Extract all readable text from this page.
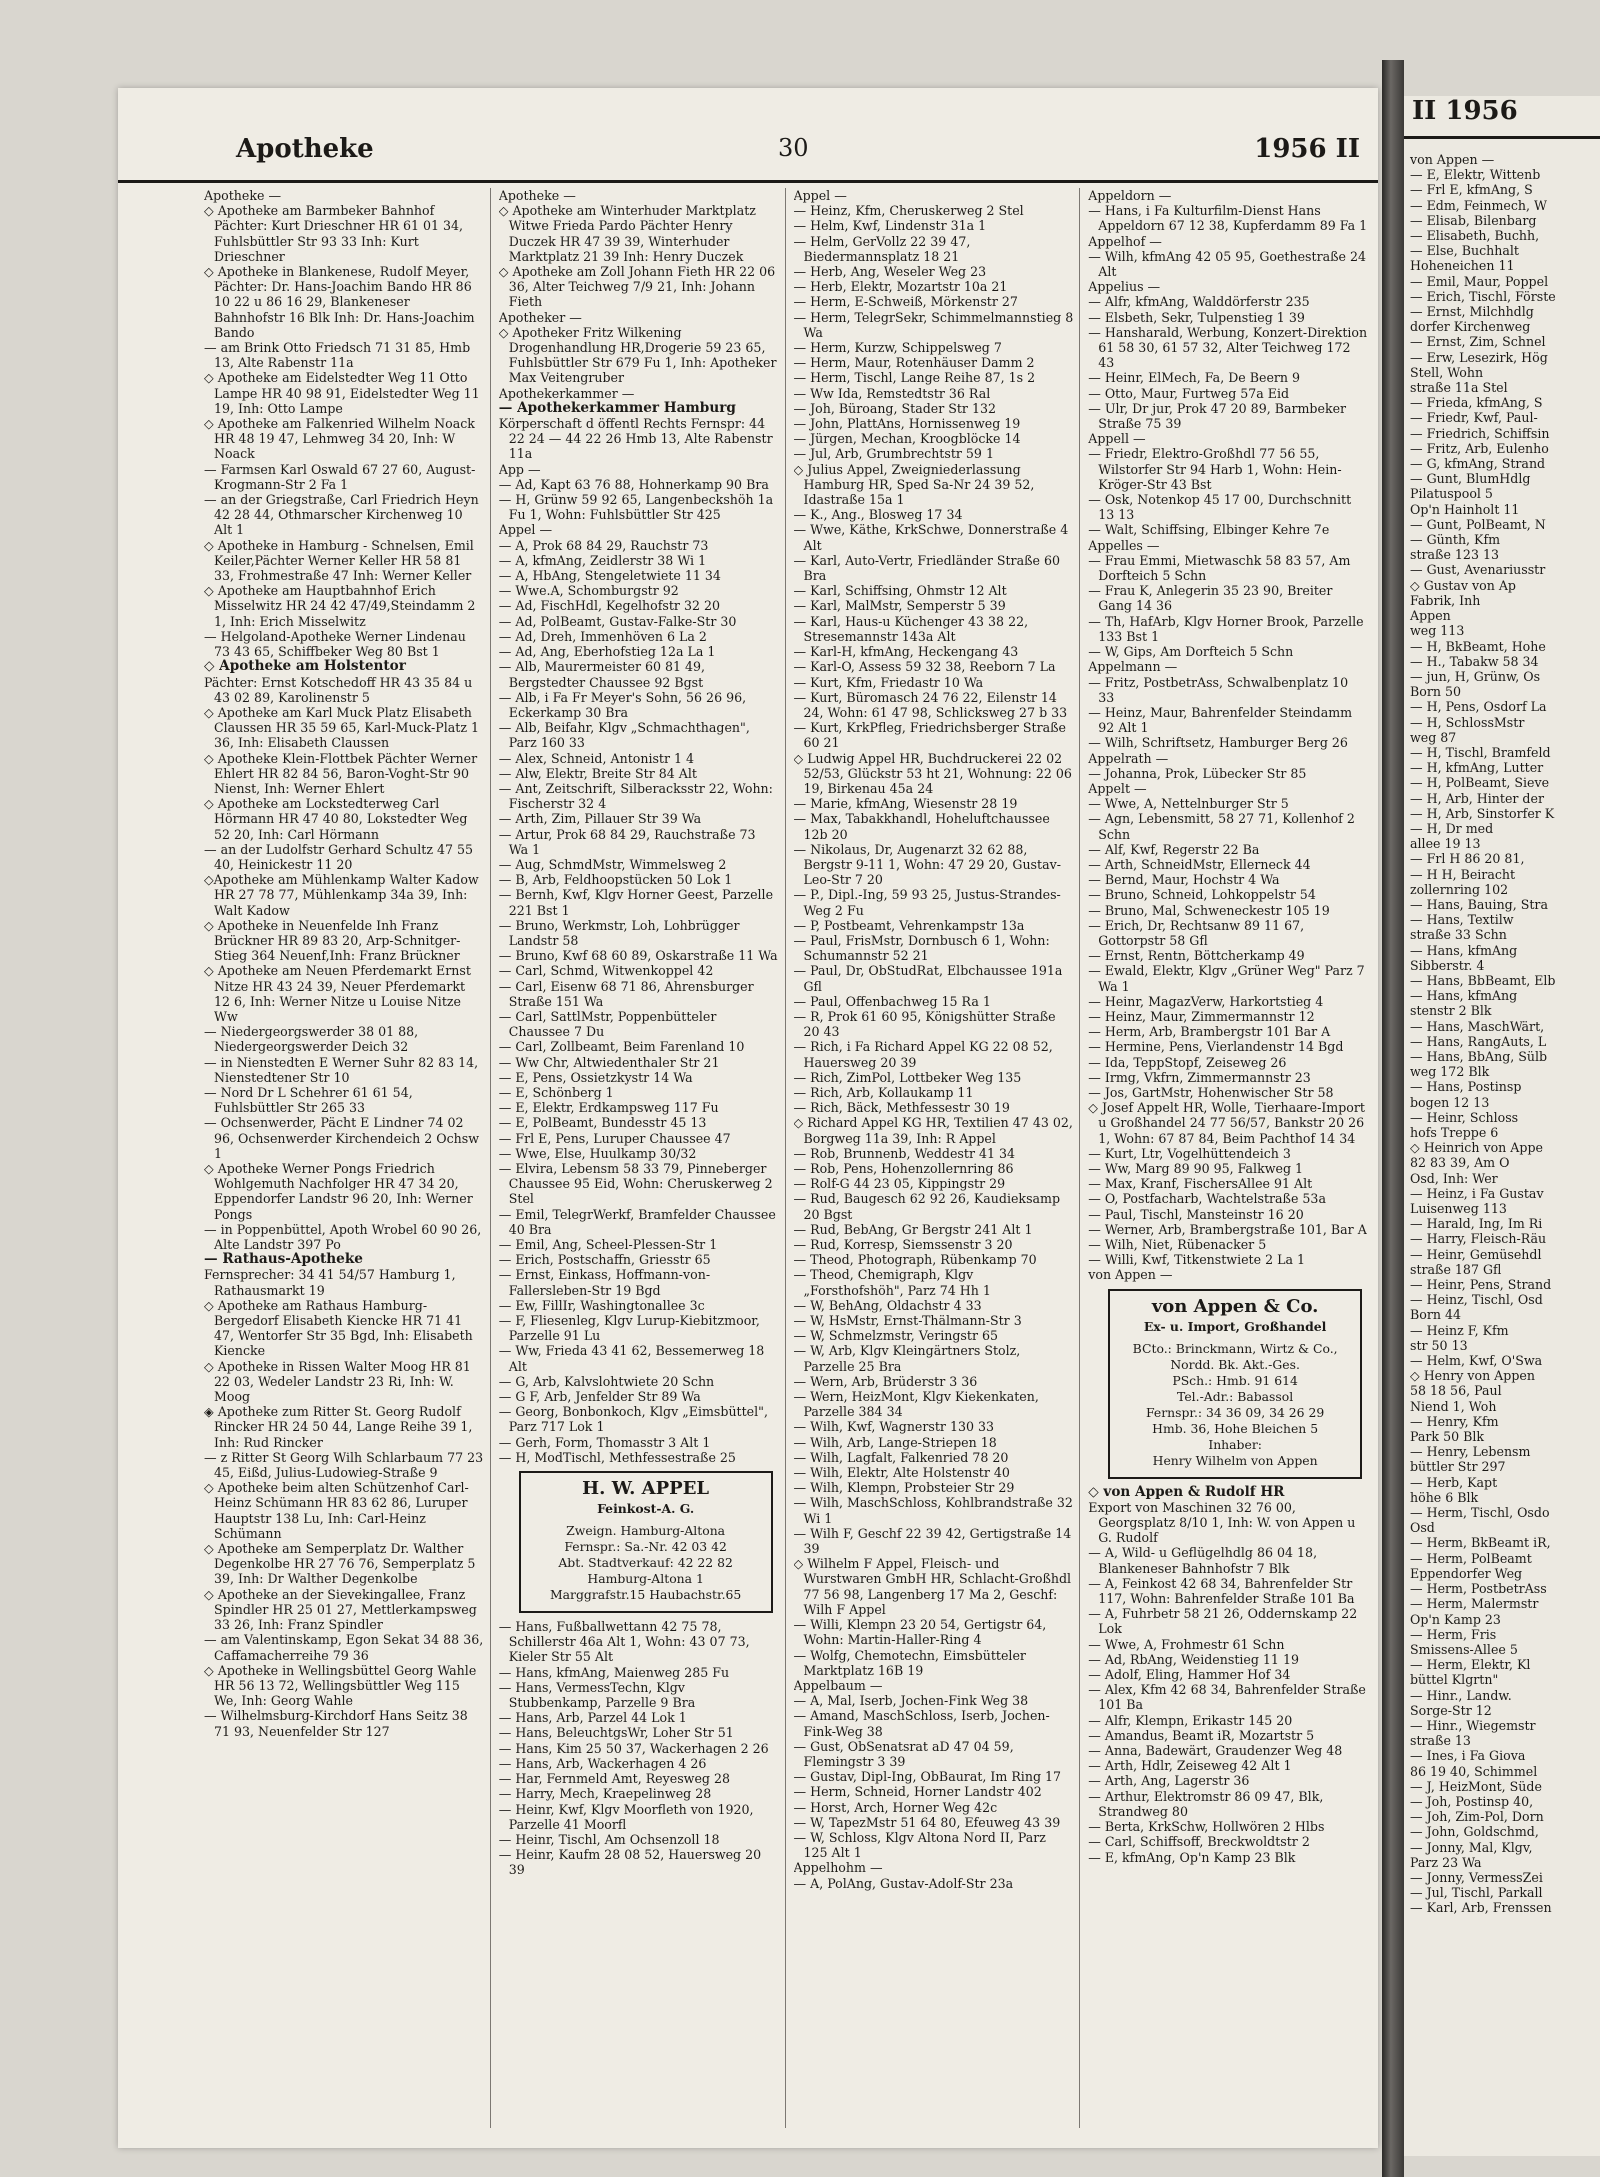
Apotheke	30	1956 II

Apotheke —

◇ Apotheke am Barmbeker Bahnhof Pächter: Kurt Drieschner HR 61 01 34, Fuhlsbüttler Str 93 33 Inh: Kurt Drieschner

◇ Apotheke in Blankenese, Rudolf Meyer, Pächter: Dr. Hans-Joachim Bando HR 86 10 22 u 86 16 29, Blankeneser Bahnhofstr 16 Blk Inh: Dr. Hans-Joachim Bando

— am Brink Otto Friedsch 71 31 85, Hmb 13, Alte Rabenstr 11a

◇ Apotheke am Eidelstedter Weg 11 Otto Lampe HR 40 98 91, Eidelstedter Weg 11 19, Inh: Otto Lampe

◇ Apotheke am Falkenried Wilhelm Noack HR 48 19 47, Lehmweg 34 20, Inh: W Noack

— Farmsen Karl Oswald 67 27 60, August-Krogmann-Str 2 Fa 1

— an der Griegstraße, Carl Friedrich Heyn 42 28 44, Othmarscher Kirchenweg 10 Alt 1

◇ Apotheke in Hamburg - Schnelsen, Emil Keiler,Pächter Werner Keller HR 58 81 33, Frohmestraße 47 Inh: Werner Keller

◇ Apotheke am Hauptbahnhof Erich Misselwitz HR 24 42 47/49,Steindamm 2 1, Inh: Erich Misselwitz

— Helgoland-Apotheke Werner Lindenau 73 43 65, Schiffbeker Weg 80 Bst 1

◇ Apotheke am Holstentor

Pächter: Ernst Kotschedoff HR 43 35 84 u 43 02 89, Karolinenstr 5

◇ Apotheke am Karl Muck Platz Elisabeth Claussen HR 35 59 65, Karl-Muck-Platz 1 36, Inh: Elisabeth Claussen

◇ Apotheke Klein-Flottbek Pächter Werner Ehlert HR 82 84 56, Baron-Voght-Str 90 Nienst, Inh: Werner Ehlert

◇ Apotheke am Lockstedterweg Carl Hörmann HR 47 40 80, Lokstedter Weg 52 20, Inh: Carl Hörmann

— an der Ludolfstr Gerhard Schultz 47 55 40, Heinickestr 11 20

◇Apotheke am Mühlenkamp Walter Kadow HR 27 78 77, Mühlenkamp 34a 39, Inh: Walt Kadow

◇ Apotheke in Neuenfelde Inh Franz Brückner HR 89 83 20, Arp-Schnitger-Stieg 364 Neuenf,Inh: Franz Brückner

◇ Apotheke am Neuen Pferdemarkt Ernst Nitze HR 43 24 39, Neuer Pferdemarkt 12 6, Inh: Werner Nitze u Louise Nitze Ww

— Niedergeorgswerder 38 01 88, Niedergeorgswerder Deich 32

— in Nienstedten E Werner Suhr 82 83 14, Nienstedtener Str 10

— Nord Dr L Schehrer 61 61 54, Fuhlsbüttler Str 265 33

— Ochsenwerder, Pächt E Lindner 74 02 96, Ochsenwerder Kirchendeich 2 Ochsw 1

◇ Apotheke Werner Pongs Friedrich Wohlgemuth Nachfolger HR 47 34 20, Eppendorfer Landstr 96 20, Inh: Werner Pongs

— in Poppenbüttel, Apoth Wrobel 60 90 26, Alte Landstr 397 Po

— Rathaus-Apotheke

Fernsprecher: 34 41 54/57 Hamburg 1, Rathausmarkt 19

◇ Apotheke am Rathaus Hamburg-Bergedorf Elisabeth Kiencke HR 71 41 47, Wentorfer Str 35 Bgd, Inh: Elisabeth Kiencke

◇ Apotheke in Rissen Walter Moog HR 81 22 03, Wedeler Landstr 23 Ri, Inh: W. Moog

◈ Apotheke zum Ritter St. Georg Rudolf Rincker HR 24 50 44, Lange Reihe 39 1, Inh: Rud Rincker

— z Ritter St Georg Wilh Schlarbaum 77 23 45, Eißd, Julius-Ludowieg-Straße 9

◇ Apotheke beim alten Schützenhof Carl-Heinz Schümann HR 83 62 86, Luruper Hauptstr 138 Lu, Inh: Carl-Heinz Schümann

◇ Apotheke am Semperplatz Dr. Walther Degenkolbe HR 27 76 76, Semperplatz 5 39, Inh: Dr Walther Degenkolbe

◇ Apotheke an der Sievekingallee, Franz Spindler HR 25 01 27, Mettlerkampsweg 33 26, Inh: Franz Spindler

— am Valentinskamp, Egon Sekat 34 88 36, Caffamacherreihe 79 36

◇ Apotheke in Wellingsbüttel Georg Wahle HR 56 13 72, Wellingsbüttler Weg 115 We, Inh: Georg Wahle

— Wilhelmsburg-Kirchdorf Hans Seitz 38 71 93, Neuenfelder Str 127

Apotheke —

◇ Apotheke am Winterhuder Marktplatz Witwe Frieda Pardo Pächter Henry Duczek HR 47 39 39, Winterhuder Marktplatz 21 39 Inh: Henry Duczek

◇ Apotheke am Zoll Johann Fieth HR 22 06 36, Alter Teichweg 7/9 21, Inh: Johann Fieth

Apotheker —

◇ Apotheker Fritz Wilkening Drogenhandlung HR,Drogerie 59 23 65, Fuhlsbüttler Str 679 Fu 1, Inh: Apotheker Max Veitengruber

Apothekerkammer —

— Apothekerkammer Hamburg

Körperschaft d öffentl Rechts Fernspr: 44 22 24 — 44 22 26 Hmb 13, Alte Rabenstr 11a

App —

— Ad, Kapt 63 76 88, Hohnerkamp 90 Bra

— H, Grünw 59 92 65, Langenbeckshöh 1a Fu 1, Wohn: Fuhlsbüttler Str 425

Appel —

— A, Prok 68 84 29, Rauchstr 73

— A, kfmAng, Zeidlerstr 38 Wi 1

— A, HbAng, Stengeletwiete 11 34

— Wwe.A, Schomburgstr 92

— Ad, FischHdl, Kegelhofstr 32 20

— Ad, PolBeamt, Gustav-Falke-Str 30

— Ad, Dreh, Immenhöven 6 La 2

— Ad, Ang, Eberhofstieg 12a La 1

— Alb, Maurermeister 60 81 49, Bergstedter Chaussee 92 Bgst

— Alb, i Fa Fr Meyer's Sohn, 56 26 96, Eckerkamp 30 Bra

— Alb, Beifahr, Klgv „Schmachthagen", Parz 160 33

— Alex, Schneid, Antonistr 1 4

— Alw, Elektr, Breite Str 84 Alt

— Ant, Zeitschrift, Silberacksstr 22, Wohn: Fischerstr 32 4

— Arth, Zim, Pillauer Str 39 Wa

— Artur, Prok 68 84 29, Rauchstraße 73 Wa 1

— Aug, SchmdMstr, Wimmelsweg 2

— B, Arb, Feldhoopstücken 50 Lok 1

— Bernh, Kwf, Klgv Horner Geest, Parzelle 221 Bst 1

— Bruno, Werkmstr, Loh, Lohbrügger Landstr 58

— Bruno, Kwf 68 60 89, Oskarstraße 11 Wa

— Carl, Schmd, Witwenkoppel 42

— Carl, Eisenw 68 71 86, Ahrensburger Straße 151 Wa

— Carl, SattlMstr, Poppenbütteler Chaussee 7 Du

— Carl, Zollbeamt, Beim Farenland 10

— Ww Chr, Altwiedenthaler Str 21

— E, Pens, Ossietzkystr 14 Wa

— E, Schönberg 1

— E, Elektr, Erdkampsweg 117 Fu

— E, PolBeamt, Bundesstr 45 13

— Frl E, Pens, Luruper Chaussee 47

— Wwe, Else, Huulkamp 30/32

— Elvira, Lebensm 58 33 79, Pinneberger Chaussee 95 Eid, Wohn: Cheruskerweg 2 Stel

— Emil, TelegrWerkf, Bramfelder Chaussee 40 Bra

— Emil, Ang, Scheel-Plessen-Str 1

— Erich, Postschaffn, Griesstr 65

— Ernst, Einkass, Hoffmann-von-Fallersleben-Str 19 Bgd

— Ew, FillIr, Washingtonallee 3c

— F, Fliesenleg, Klgv Lurup-Kiebitzmoor, Parzelle 91 Lu

— Ww, Frieda 43 41 62, Bessemerweg 18 Alt

— G, Arb, Kalvslohtwiete 20 Schn

— G F, Arb, Jenfelder Str 89 Wa

— Georg, Bonbonkoch, Klgv „Eimsbüttel", Parz 717 Lok 1

— Gerh, Form, Thomasstr 3 Alt 1

— H, ModTischl, Methfessestraße 25

H. W. APPEL
Feinkost-A. G.
Zweign. Hamburg-Altona
Fernspr.: Sa.-Nr. 42 03 42
Abt. Stadtverkauf: 42 22 82
Hamburg-Altona 1
Marggrafstr.15 Haubachstr.65

— Hans, Fußballwettann 42 75 78, Schillerstr 46a Alt 1, Wohn: 43 07 73, Kieler Str 55 Alt

— Hans, kfmAng, Maienweg 285 Fu

— Hans, VermessTechn, Klgv Stubbenkamp, Parzelle 9 Bra

— Hans, Arb, Parzel 44 Lok 1

— Hans, BeleuchtgsWr, Loher Str 51

— Hans, Kim 25 50 37, Wackerhagen 2 26

— Hans, Arb, Wackerhagen 4 26

— Har, Fernmeld Amt, Reyesweg 28

— Harry, Mech, Kraepelinweg 28

— Heinr, Kwf, Klgv Moorfleth von 1920, Parzelle 41 Moorfl

— Heinr, Tischl, Am Ochsenzoll 18

— Heinr, Kaufm 28 08 52, Hauersweg 20 39

Appel —

— Heinz, Kfm, Cheruskerweg 2 Stel

— Helm, Kwf, Lindenstr 31a 1

— Helm, GerVollz 22 39 47, Biedermannsplatz 18 21

— Herb, Ang, Weseler Weg 23

— Herb, Elektr, Mozartstr 10a 21

— Herm, E-Schweiß, Mörkenstr 27

— Herm, TelegrSekr, Schimmelmannstieg 8 Wa

— Herm, Kurzw, Schippelsweg 7

— Herm, Maur, Rotenhäuser Damm 2

— Herm, Tischl, Lange Reihe 87, 1s 2

— Ww Ida, Remstedtstr 36 Ral

— Joh, Büroang, Stader Str 132

— John, PlattAns, Hornissenweg 19

— Jürgen, Mechan, Kroogblöcke 14

— Jul, Arb, Grumbrechtstr 59 1

◇ Julius Appel, Zweigniederlassung Hamburg HR, Sped Sa-Nr 24 39 52, Idastraße 15a 1

— K., Ang., Blosweg 17 34

— Wwe, Käthe, KrkSchwe, Donnerstraße 4 Alt

— Karl, Auto-Vertr, Friedländer Straße 60 Bra

— Karl, Schiffsing, Ohmstr 12 Alt

— Karl, MalMstr, Semperstr 5 39

— Karl, Haus-u Küchenger 43 38 22, Stresemannstr 143a Alt

— Karl-H, kfmAng, Heckengang 43

— Karl-O, Assess 59 32 38, Reeborn 7 La

— Kurt, Kfm, Friedastr 10 Wa

— Kurt, Büromasch 24 76 22, Eilenstr 14 24, Wohn: 61 47 98, Schlicksweg 27 b 33

— Kurt, KrkPfleg, Friedrichsberger Straße 60 21

◇ Ludwig Appel HR, Buchdruckerei 22 02 52/53, Glückstr 53 ht 21, Wohnung: 22 06 19, Birkenau 45a 24

— Marie, kfmAng, Wiesenstr 28 19

— Max, Tabakkhandl, Hoheluftchaussee 12b 20

— Nikolaus, Dr, Augenarzt 32 62 88, Bergstr 9-11 1, Wohn: 47 29 20, Gustav-Leo-Str 7 20

— P., Dipl.-Ing, 59 93 25, Justus-Strandes-Weg 2 Fu

— P, Postbeamt, Vehrenkampstr 13a

— Paul, FrisMstr, Dornbusch 6 1, Wohn: Schumannstr 52 21

— Paul, Dr, ObStudRat, Elbchaussee 191a Gfl

— Paul, Offenbachweg 15 Ra 1

— R, Prok 61 60 95, Königshütter Straße 20 43

— Rich, i Fa Richard Appel KG 22 08 52, Hauersweg 20 39

— Rich, ZimPol, Lottbeker Weg 135

— Rich, Arb, Kollaukamp 11

— Rich, Bäck, Methfessestr 30 19

◇ Richard Appel KG HR, Textilien 47 43 02, Borgweg 11a 39, Inh: R Appel

— Rob, Brunnenb, Weddestr 41 34

— Rob, Pens, Hohenzollernring 86

— Rolf-G 44 23 05, Kippingstr 29

— Rud, Baugesch 62 92 26, Kaudieksamp 20 Bgst

— Rud, BebAng, Gr Bergstr 241 Alt 1

— Rud, Korresp, Siemssenstr 3 20

— Theod, Photograph, Rübenkamp 70

— Theod, Chemigraph, Klgv „Forsthofshöh", Parz 74 Hh 1

— W, BehAng, Oldachstr 4 33

— W, HsMstr, Ernst-Thälmann-Str 3

— W, Schmelzmstr, Veringstr 65

— W, Arb, Klgv Kleingärtners Stolz, Parzelle 25 Bra

— Wern, Arb, Brüderstr 3 36

— Wern, HeizMont, Klgv Kiekenkaten, Parzelle 384 34

— Wilh, Kwf, Wagnerstr 130 33

— Wilh, Arb, Lange-Striepen 18

— Wilh, Lagfalt, Falkenried 78 20

— Wilh, Elektr, Alte Holstenstr 40

— Wilh, Klempn, Probsteier Str 29

— Wilh, MaschSchloss, Kohlbrandstraße 32 Wi 1

— Wilh F, Geschf 22 39 42, Gertigstraße 14 39

◇ Wilhelm F Appel, Fleisch- und Wurstwaren GmbH HR, Schlacht-Großhdl 77 56 98, Langenberg 17 Ma 2, Geschf: Wilh F Appel

— Willi, Klempn 23 20 54, Gertigstr 64, Wohn: Martin-Haller-Ring 4

— Wolfg, Chemotechn, Eimsbütteler Marktplatz 16B 19

Appelbaum —

— A, Mal, Iserb, Jochen-Fink Weg 38

— Amand, MaschSchloss, Iserb, Jochen-Fink-Weg 38

— Gust, ObSenatsrat aD 47 04 59, Flemingstr 3 39

— Gustav, Dipl-Ing, ObBaurat, Im Ring 17

— Herm, Schneid, Horner Landstr 402

— Horst, Arch, Horner Weg 42c

— W, TapezMstr 51 64 80, Efeuweg 43 39

— W, Schloss, Klgv Altona Nord II, Parz 125 Alt 1

Appelhohm —

— A, PolAng, Gustav-Adolf-Str 23a

Appeldorn —

— Hans, i Fa Kulturfilm-Dienst Hans Appeldorn 67 12 38, Kupferdamm 89 Fa 1

Appelhof —

— Wilh, kfmAng 42 05 95, Goethestraße 24 Alt

Appelius —

— Alfr, kfmAng, Walddörferstr 235

— Elsbeth, Sekr, Tulpenstieg 1 39

— Hansharald, Werbung, Konzert-Direktion 61 58 30, 61 57 32, Alter Teichweg 172 43

— Heinr, ElMech, Fa, De Beern 9

— Otto, Maur, Furtweg 57a Eid

— Ulr, Dr jur, Prok 47 20 89, Barmbeker Straße 75 39

Appell —

— Friedr, Elektro-Großhdl 77 56 55, Wilstorfer Str 94 Harb 1, Wohn: Hein-Kröger-Str 43 Bst

— Osk, Notenkop 45 17 00, Durchschnitt 13 13

— Walt, Schiffsing, Elbinger Kehre 7e

Appelles —

— Frau Emmi, Mietwaschk 58 83 57, Am Dorfteich 5 Schn

— Frau K, Anlegerin 35 23 90, Breiter Gang 14 36

— Th, HafArb, Klgv Horner Brook, Parzelle 133 Bst 1

— W, Gips, Am Dorfteich 5 Schn

Appelmann —

— Fritz, PostbetrAss, Schwalbenplatz 10 33

— Heinz, Maur, Bahrenfelder Steindamm 92 Alt 1

— Wilh, Schriftsetz, Hamburger Berg 26

Appelrath —

— Johanna, Prok, Lübecker Str 85

Appelt —

— Wwe, A, Nettelnburger Str 5

— Agn, Lebensmitt, 58 27 71, Kollenhof 2 Schn

— Alf, Kwf, Regerstr 22 Ba

— Arth, SchneidMstr, Ellerneck 44

— Bernd, Maur, Hochstr 4 Wa

— Bruno, Schneid, Lohkoppelstr 54

— Bruno, Mal, Schweneckestr 105 19

— Erich, Dr, Rechtsanw 89 11 67, Gottorpstr 58 Gfl

— Ernst, Rentn, Böttcherkamp 49

— Ewald, Elektr, Klgv „Grüner Weg" Parz 7 Wa 1

— Heinr, MagazVerw, Harkortstieg 4

— Heinz, Maur, Zimmermannstr 12

— Herm, Arb, Brambergstr 101 Bar A

— Hermine, Pens, Vierlandenstr 14 Bgd

— Ida, TeppStopf, Zeiseweg 26

— Irmg, Vkfrn, Zimmermannstr 23

— Jos, GartMstr, Hohenwischer Str 58

◇ Josef Appelt HR, Wolle, Tierhaare-Import u Großhandel 24 77 56/57, Bankstr 20 26 1, Wohn: 67 87 84, Beim Pachthof 14 34

— Kurt, Ltr, Vogelhüttendeich 3

— Ww, Marg 89 90 95, Falkweg 1

— Max, Kranf, FischersAllee 91 Alt

— O, Postfacharb, Wachtelstraße 53a

— Paul, Tischl, Mansteinstr 16 20

— Werner, Arb, Brambergstraße 101, Bar A

— Wilh, Niet, Rübenacker 5

— Willi, Kwf, Titkenstwiete 2 La 1

von Appen —

von Appen & Co.
Ex- u. Import, Großhandel
BCto.: Brinckmann, Wirtz & Co., Nordd. Bk. Akt.-Ges.
PSch.: Hmb. 91 614
Tel.-Adr.: Babassol
Fernspr.: 34 36 09, 34 26 29
Hmb. 36, Hohe Bleichen 5
Inhaber:
Henry Wilhelm von Appen

◇ von Appen & Rudolf HR

Export von Maschinen 32 76 00, Georgsplatz 8/10 1, Inh: W. von Appen u G. Rudolf

— A, Wild- u Geflügelhdlg 86 04 18, Blankeneser Bahnhofstr 7 Blk

— A, Feinkost 42 68 34, Bahrenfelder Str 117, Wohn: Bahrenfelder Straße 101 Ba

— A, Fuhrbetr 58 21 26, Oddernskamp 22 Lok

— Wwe, A, Frohmestr 61 Schn

— Ad, RbAng, Weidenstieg 11 19

— Adolf, Eling, Hammer Hof 34

— Alex, Kfm 42 68 34, Bahrenfelder Straße 101 Ba

— Alfr, Klempn, Erikastr 145 20

— Amandus, Beamt iR, Mozartstr 5

— Anna, Badewärt, Graudenzer Weg 48

— Arth, Hdlr, Zeiseweg 42 Alt 1

— Arth, Ang, Lagerstr 36

— Arthur, Elektromstr 86 09 47, Blk, Strandweg 80

— Berta, KrkSchw, Hollwören 2 Hlbs

— Carl, Schiffsoff, Breckwoldtstr 2

— E, kfmAng, Op'n Kamp 23 Blk

II 1956

von Appen —

— E, Elektr, Wittenb

— Frl E, kfmAng, S

— Edm, Feinmech, W

— Elisab, Bilenbarg

— Elisabeth, Buchh,

— Else, Buchhalt

Hoheneichen 11

— Emil, Maur, Poppel

— Erich, Tischl, Förste

— Ernst, Milchhdlg

dorfer Kirchenweg

— Ernst, Zim, Schnel

— Erw, Lesezirk, Hög

Stell, Wohn

straße 11a Stel

— Frieda, kfmAng, S

— Friedr, Kwf, Paul-

— Friedrich, Schiffsin

— Fritz, Arb, Eulenho

— G, kfmAng, Strand

— Gunt, BlumHdlg

Pilatuspool 5

Op'n Hainholt 11

— Gunt, PolBeamt, N

— Günth, Kfm

straße 123 13

— Gust, Avenariusstr

◇ Gustav von Ap

Fabrik, Inh

Appen

weg 113

— H, BkBeamt, Hohe

— H., Tabakw 58 34

— jun, H, Grünw, Os

Born 50

— H, Pens, Osdorf La

— H, SchlossMstr

weg 87

— H, Tischl, Bramfeld

— H, kfmAng, Lutter

— H, PolBeamt, Sieve

— H, Arb, Hinter der

— H, Arb, Sinstorfer K

— H, Dr med

allee 19 13

— Frl H 86 20 81,

— H H, Beiracht

zollernring 102

— Hans, Bauing, Stra

— Hans, Textilw

straße 33 Schn

— Hans, kfmAng

Sibberstr. 4

— Hans, BbBeamt, Elb

— Hans, kfmAng

stenstr 2 Blk

— Hans, MaschWärt,

— Hans, RangAuts, L

— Hans, BbAng, Sülb

weg 172 Blk

— Hans, Postinsp

bogen 12 13

— Heinr, Schloss

hofs Treppe 6

◇ Heinrich von Appe

82 83 39, Am O

Osd, Inh: Wer

— Heinz, i Fa Gustav

Luisenweg 113

— Harald, Ing, Im Ri

— Harry, Fleisch-Räu

— Heinr, Gemüsehdl

straße 187 Gfl

— Heinr, Pens, Strand

— Heinz, Tischl, Osd

Born 44

— Heinz F, Kfm

str 50 13

— Helm, Kwf, O'Swa

◇ Henry von Appen

58 18 56, Paul

Niend 1, Woh

— Henry, Kfm

Park 50 Blk

— Henry, Lebensm

büttler Str 297

— Herb, Kapt

höhe 6 Blk

— Herm, Tischl, Osdo

Osd

— Herm, BkBeamt iR,

— Herm, PolBeamt

Eppendorfer Weg

— Herm, PostbetrAss

— Herm, Malermstr

Op'n Kamp 23

— Herm, Fris

Smissens-Allee 5

— Herm, Elektr, Kl

büttel Klgrtn"

— Hinr., Landw.

Sorge-Str 12

— Hinr., Wiegemstr

straße 13

— Ines, i Fa Giova

86 19 40, Schimmel

— J, HeizMont, Süde

— Joh, Postinsp 40,

— Joh, Zim-Pol, Dorn

— John, Goldschmd,

— Jonny, Mal, Klgv,

Parz 23 Wa

— Jonny, VermessZei

— Jul, Tischl, Parkall

— Karl, Arb, Frenssen
